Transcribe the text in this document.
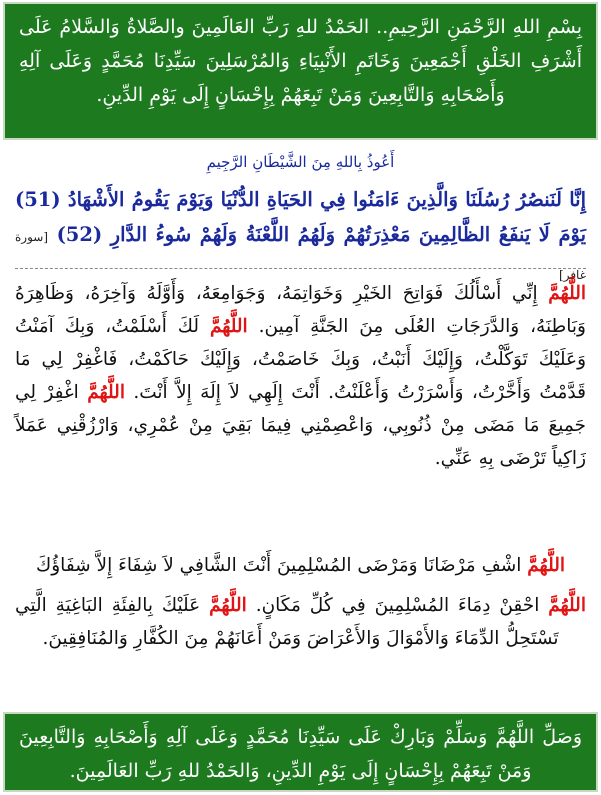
بِسْمِ اللهِ الرَّحْمَنِ الرَّحِيمِ.. الحَمْدُ للهِ رَبِّ العَالَمِينَ والصَّلاةُ وَالسَّلامُ عَلَى أَشْرَفِ الخَلْقِ أَجْمَعِينَ وَخَاتَمِ الأَنْبِيَاءِ وَالمُرْسَلِينَ سَيِّدِنَا مُحَمَّدٍ وَعَلَى آلِهِ وَأَصْحَابِهِ وَالتَّابِعِينَ وَمَنْ تَبِعَهُمْ بِإِحْسَانٍ إِلَى يَوْمِ الدِّينِ.
أَعُوذُ بِاللهِ مِنَ الشَّيْطَانِ الرَّجِيمِ
إِنَّا لَنَنصُرُ رُسُلَنَا وَالَّذِينَ ءَامَنُوا فِي الحَيَاةِ الدُّنْيَا وَيَوْمَ يَقُومُ الأَشْهَادُ (51) يَوْمَ لَا يَنفَعُ الظَّالِمِينَ مَعْذِرَتُهُمْ وَلَهُمُ اللَّعْنَةُ وَلَهُمْ سُوءُ الدَّارِ (52) [سورة غافر]
اللَّهُمَّ إِنِّي أَسْأَلُكَ فَوَاتِحَ الخَيْرِ وَخَوَاتِمَهُ، وَجَوَامِعَهُ، وَأَوَّلَهُ وَآخِرَهُ، وَظَاهِرَهُ وَبَاطِنَهُ، وَالدَّرَجَاتِ العُلَى مِنَ الجَنَّةِ آمِين. اللَّهُمَّ لَكَ أَسْلَمْتُ، وَبِكَ آمَنْتُ وَعَلَيْكَ تَوَكَّلْتُ، وَإِلَيْكَ أَنَبْتُ، وَبِكَ خَاصَمْتُ، وَإِلَيْكَ حَاكَمْتُ، فَاغْفِرْ لِي مَا قَدَّمْتُ وَأَخَّرْتُ، وَأَسْرَرْتُ وَأَعْلَنْتُ. أَنْتَ إِلَهِي لاَ إِلَهَ إِلاَّ أَنْتَ. اللَّهُمَّ اغْفِرْ لِي جَمِيعَ مَا مَضَى مِنْ ذُنُوبِي، وَاعْصِمْنِي فِيمَا بَقِيَ مِنْ عُمْرِي، وَارْزُقْنِي عَمَلاً زَاكِياً تَرْضَى بِهِ عَنِّي.
اللَّهُمَّ اشْفِ مَرْضَانَا وَمَرْضَى المُسْلِمِينَ أَنْتَ الشَّافِي لاَ شِفَاءَ إِلاَّ شِفَاؤُكَ
اللَّهُمَّ احْقِنْ دِمَاءَ المُسْلِمِينَ فِي كُلِّ مَكَانٍ. اللَّهُمَّ عَلَيْكَ بِالفِئَةِ البَاغِيَةِ الَّتِي تَسْتَحِلُّ الدِّمَاءَ وَالأَمْوَالَ وَالأَعْرَاضَ وَمَنْ أَعَانَهُمْ مِنَ الكُفَّارِ وَالمُنَافِقِينَ.
وَصَلِّ اللَّهُمَّ وَسَلِّمْ وَبَارِكْ عَلَى سَيِّدِنَا مُحَمَّدٍ وَعَلَى آلِهِ وَأَصْحَابِهِ وَالتَّابِعِينَ وَمَنْ تَبِعَهُمْ بِإِحْسَانٍ إِلَى يَوْمِ الدِّينِ، وَالحَمْدُ للهِ رَبِّ العَالَمِينَ.
